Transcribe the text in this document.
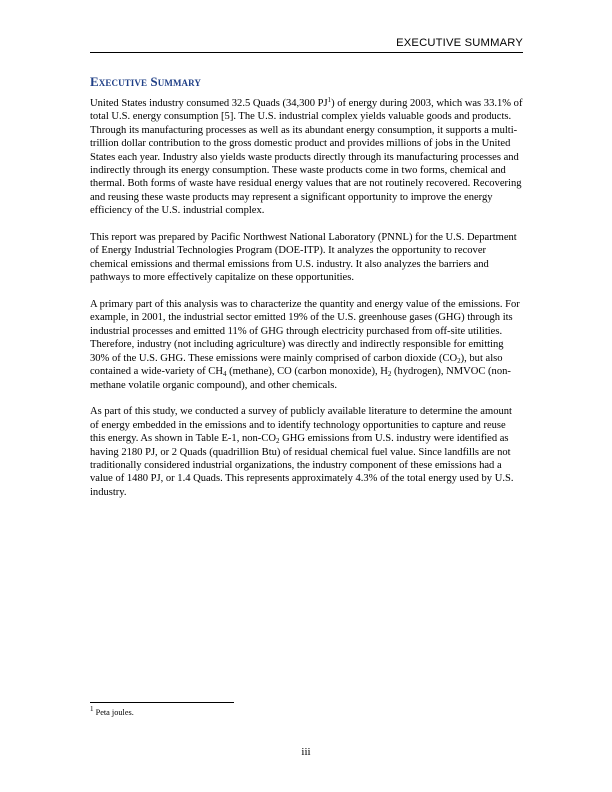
EXECUTIVE SUMMARY
Executive Summary

United States industry consumed 32.5 Quads (34,300 $PJ^1$) of energy during 2003, which was 33.1% of total U.S. energy consumption [5]. The U.S. industrial complex yields valuable goods and products. Through its manufacturing processes as well as its abundant energy consumption, it supports a multi-trillion dollar contribution to the gross domestic product and provides millions of jobs in the United States each year. Industry also yields waste products directly through its manufacturing processes and indirectly through its energy consumption. These waste products come in two forms, chemical and thermal. Both forms of waste have residual energy values that are not routinely recovered. Recovering and reusing these waste products may represent a significant opportunity to improve the energy efficiency of the U.S. industrial complex.

This report was prepared by Pacific Northwest National Laboratory (PNNL) for the U.S. Department of Energy Industrial Technologies Program (DOE-ITP). It analyzes the opportunity to recover chemical emissions and thermal emissions from U.S. industry. It also analyzes the barriers and pathways to more effectively capitalize on these opportunities.

A primary part of this analysis was to characterize the quantity and energy value of the emissions. For example, in 2001, the industrial sector emitted 19% of the U.S. greenhouse gases (GHG) through its industrial processes and emitted 11% of GHG through electricity purchased from off-site utilities. Therefore, industry (not including agriculture) was directly and indirectly responsible for emitting 30% of the U.S. GHG. These emissions were mainly comprised of carbon dioxide $(CO_2)$, but also contained a wide-variety of $CH_4$ (methane), CO (carbon monoxide), $H_2$ (hydrogen), NMVOC (non-methane volatile organic compound), and other chemicals.

As part of this study, we conducted a survey of publicly available literature to determine the amount of energy embedded in the emissions and to identify technology opportunities to capture and reuse this energy. As shown in Table E-1, non-$CO_2$ GHG emissions from U.S. industry were identified as having 2180 PJ, or 2 Quads (quadrillion Btu) of residual chemical fuel value. Since landfills are not traditionally considered industrial organizations, the industry component of these emissions had a value of 1480 PJ, or 1.4 Quads. This represents approximately 4.3% of the total energy used by U.S. industry.

$^1$ Peta joules.
iii
